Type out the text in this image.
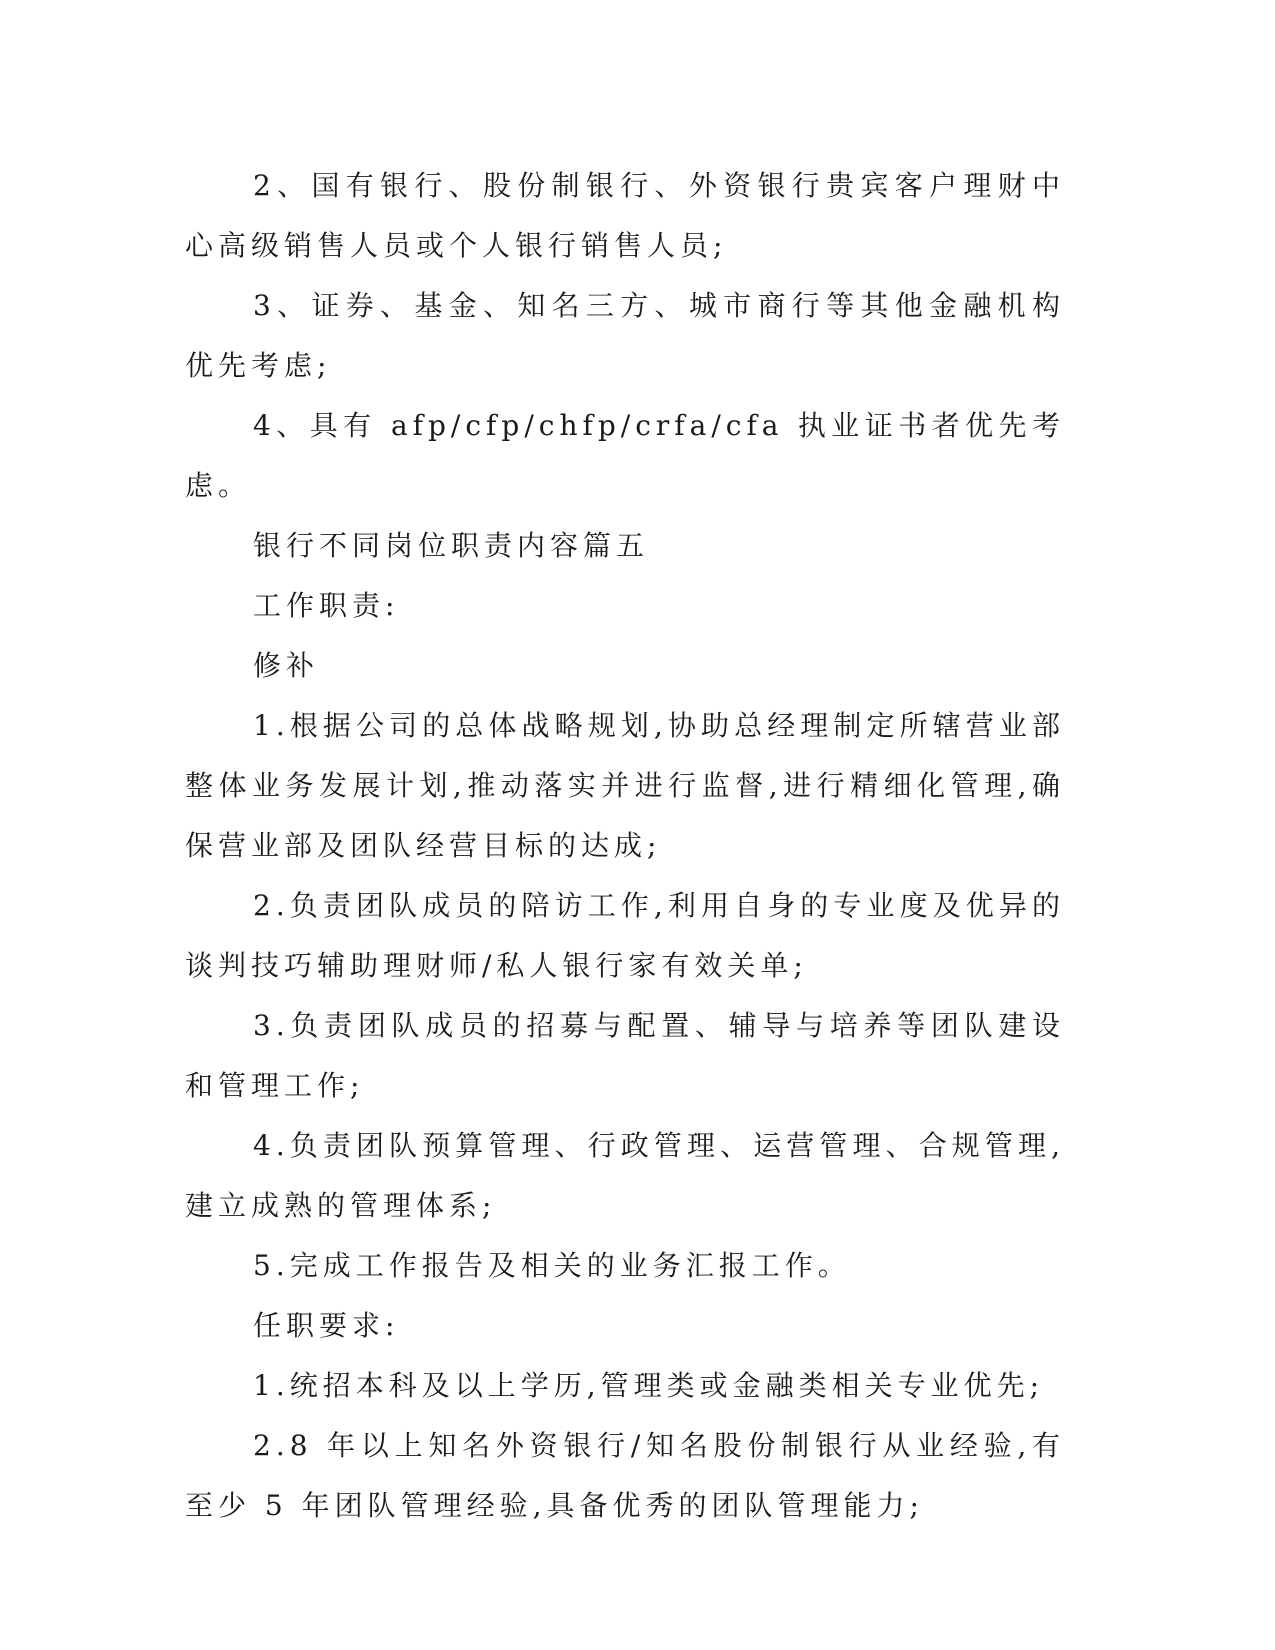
2、国有银行、股份制银行、外资银行贵宾客户理财中心高级销售人员或个人银行销售人员;

3、证券、基金、知名三方、城市商行等其他金融机构优先考虑;

4、具有 afp/cfp/chfp/crfa/cfa 执业证书者优先考虑。

银行不同岗位职责内容篇五

工作职责:

修补

1.根据公司的总体战略规划,协助总经理制定所辖营业部整体业务发展计划,推动落实并进行监督,进行精细化管理,确保营业部及团队经营目标的达成;

2.负责团队成员的陪访工作,利用自身的专业度及优异的谈判技巧辅助理财师/私人银行家有效关单;

3.负责团队成员的招募与配置、辅导与培养等团队建设和管理工作;

4.负责团队预算管理、行政管理、运营管理、合规管理,建立成熟的管理体系;

5.完成工作报告及相关的业务汇报工作。

任职要求:

1.统招本科及以上学历,管理类或金融类相关专业优先;

2.8 年以上知名外资银行/知名股份制银行从业经验,有至少 5 年团队管理经验,具备优秀的团队管理能力;
